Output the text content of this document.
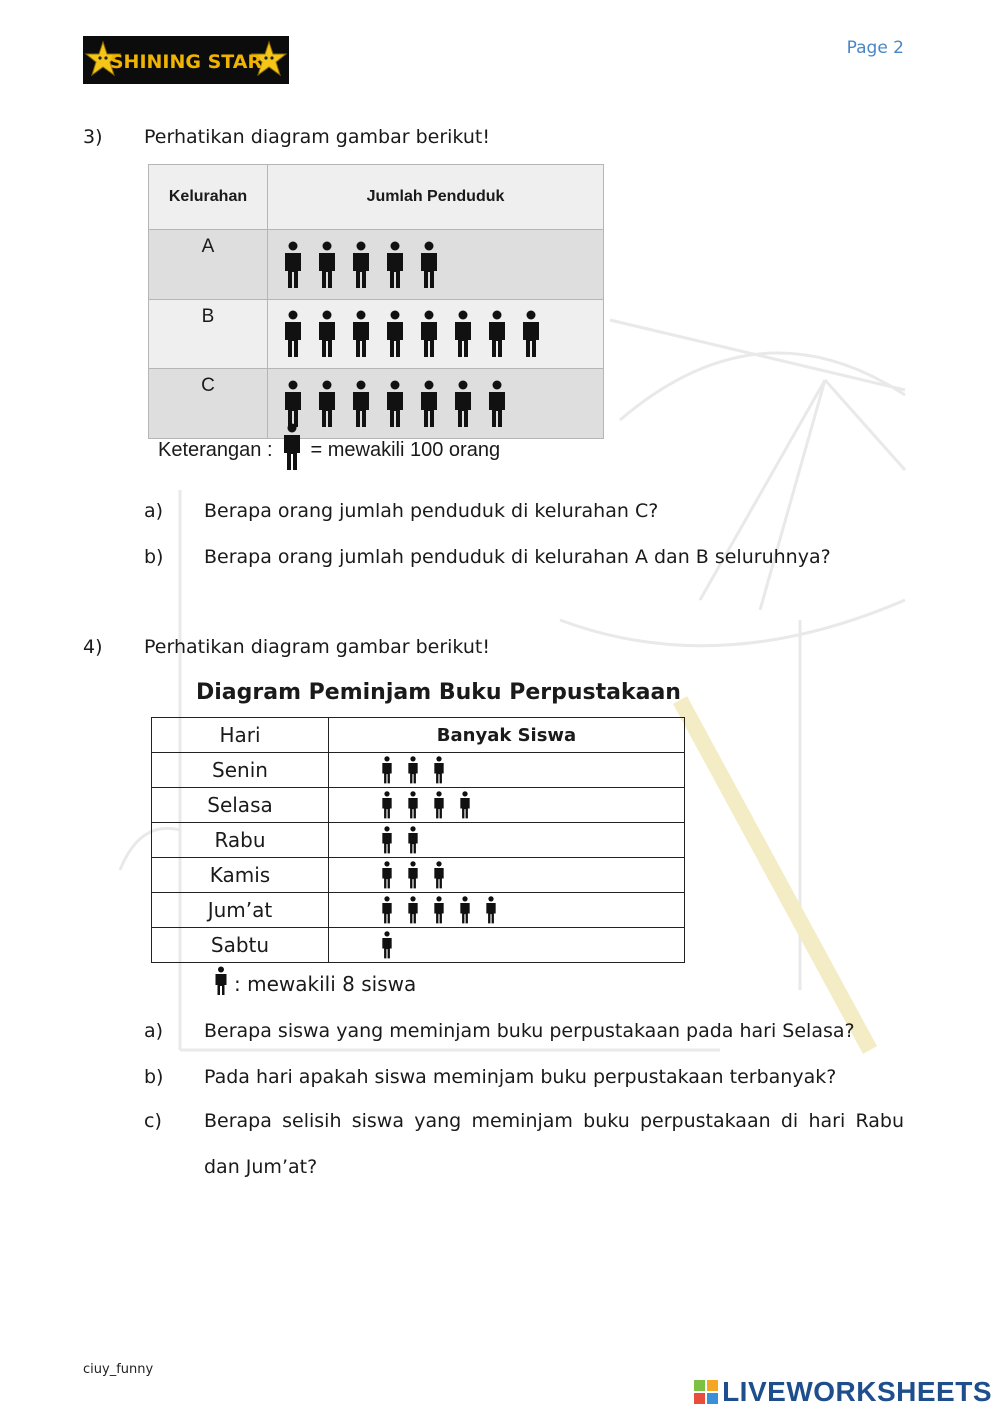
SHINING STAR
Page 2
3) Perhatikan diagram gambar berikut!
Kelurahan	Jumlah Penduduk
A	

B	

C	
Keterangan : = mewakili 100 orang
a) Berapa orang jumlah penduduk di kelurahan C?
b) Berapa orang jumlah penduduk di kelurahan A dan B seluruhnya?
4) Perhatikan diagram gambar berikut!
Diagram Peminjam Buku Perpustakaan
Hari	Banyak Siswa
Senin	

Selasa	

Rabu	

Kamis	

Jum’at	

Sabtu	
: mewakili 8 siswa
a) Berapa siswa yang meminjam buku perpustakaan pada hari Selasa?
b) Pada hari apakah siswa meminjam buku perpustakaan terbanyak?
c) Berapa selisih siswa yang meminjam buku perpustakaan di hari Rabu dan Jum’at?
ciuy_funny
LIVEWORKSHEETS
